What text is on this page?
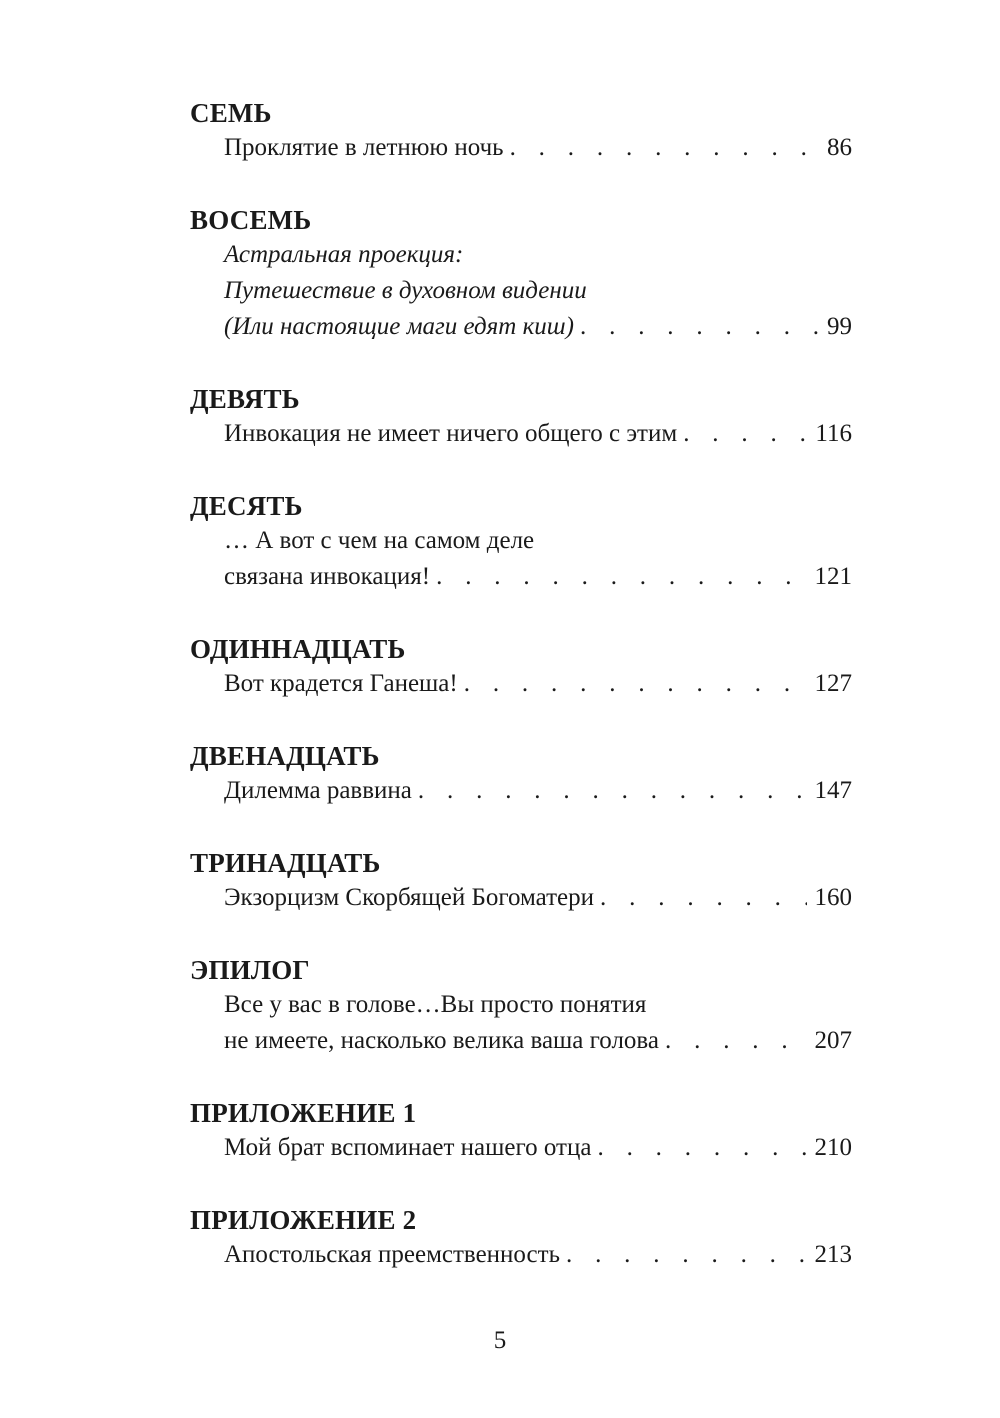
СЕМЬ
Проклятие в летнюю ночь . . .	86
ВОСЕМЬ
Астральная проекция:
Путешествие в духовном видении
(Или настоящие маги едят киш) . . .	99
ДЕВЯТЬ
Инвокация не имеет ничего общего с этим . . .	116
ДЕСЯТЬ
… А вот с чем на самом деле
связана инвокация! . . .	121
ОДИННАДЦАТЬ
Вот крадется Ганеша! . . .	127
ДВЕНАДЦАТЬ
Дилемма раввина . . .	147
ТРИНАДЦАТЬ
Экзорцизм Скорбящей Богоматери . . .	160
ЭПИЛОГ
Все у вас в голове…Вы просто понятия
не имеете, насколько велика ваша голова . . .	207
ПРИЛОЖЕНИЕ 1
Мой брат вспоминает нашего отца . . .	210
ПРИЛОЖЕНИЕ 2
Апостольская преемственность . . .	213
5
